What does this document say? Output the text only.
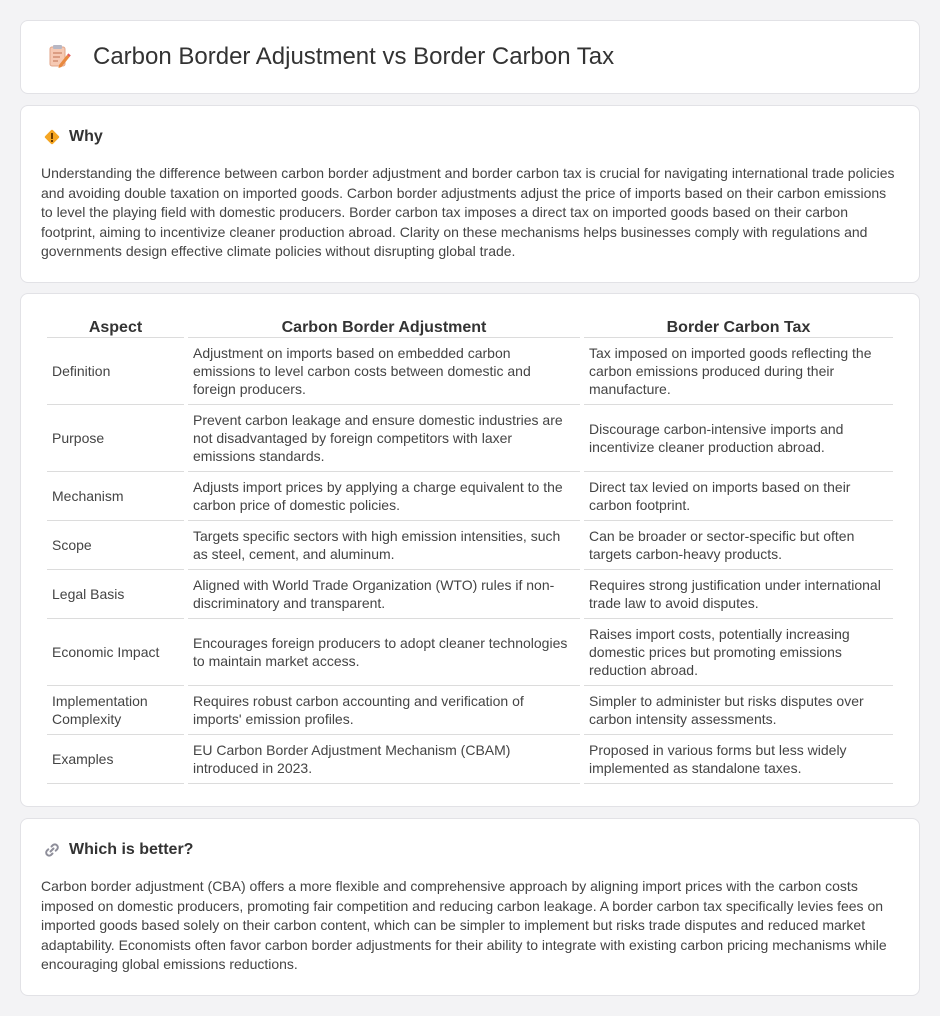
Carbon Border Adjustment vs Border Carbon Tax
Why

Understanding the difference between carbon border adjustment and border carbon tax is crucial for navigating international trade policies and avoiding double taxation on imported goods. Carbon border adjustments adjust the price of imports based on their carbon emissions to level the playing field with domestic producers. Border carbon tax imposes a direct tax on imported goods based on their carbon footprint, aiming to incentivize cleaner production abroad. Clarity on these mechanisms helps businesses comply with regulations and governments design effective climate policies without disrupting global trade.

Aspect	Carbon Border Adjustment	Border Carbon Tax
Definition	Adjustment on imports based on embedded carbon emissions to level carbon costs between domestic and foreign producers.	Tax imposed on imported goods reflecting the carbon emissions produced during their manufacture.
Purpose	Prevent carbon leakage and ensure domestic industries are not disadvantaged by foreign competitors with laxer emissions standards.	Discourage carbon-intensive imports and incentivize cleaner production abroad.
Mechanism	Adjusts import prices by applying a charge equivalent to the carbon price of domestic policies.	Direct tax levied on imports based on their carbon footprint.
Scope	Targets specific sectors with high emission intensities, such as steel, cement, and aluminum.	Can be broader or sector-specific but often targets carbon-heavy products.
Legal Basis	Aligned with World Trade Organization (WTO) rules if non-discriminatory and transparent.	Requires strong justification under international trade law to avoid disputes.
Economic Impact	Encourages foreign producers to adopt cleaner technologies to maintain market access.	Raises import costs, potentially increasing domestic prices but promoting emissions reduction abroad.
Implementation Complexity	Requires robust carbon accounting and verification of imports' emission profiles.	Simpler to administer but risks disputes over carbon intensity assessments.
Examples	EU Carbon Border Adjustment Mechanism (CBAM) introduced in 2023.	Proposed in various forms but less widely implemented as standalone taxes.
Which is better?

Carbon border adjustment (CBA) offers a more flexible and comprehensive approach by aligning import prices with the carbon costs imposed on domestic producers, promoting fair competition and reducing carbon leakage. A border carbon tax specifically levies fees on imported goods based solely on their carbon content, which can be simpler to implement but risks trade disputes and reduced market adaptability. Economists often favor carbon border adjustments for their ability to integrate with existing carbon pricing mechanisms while encouraging global emissions reductions.
